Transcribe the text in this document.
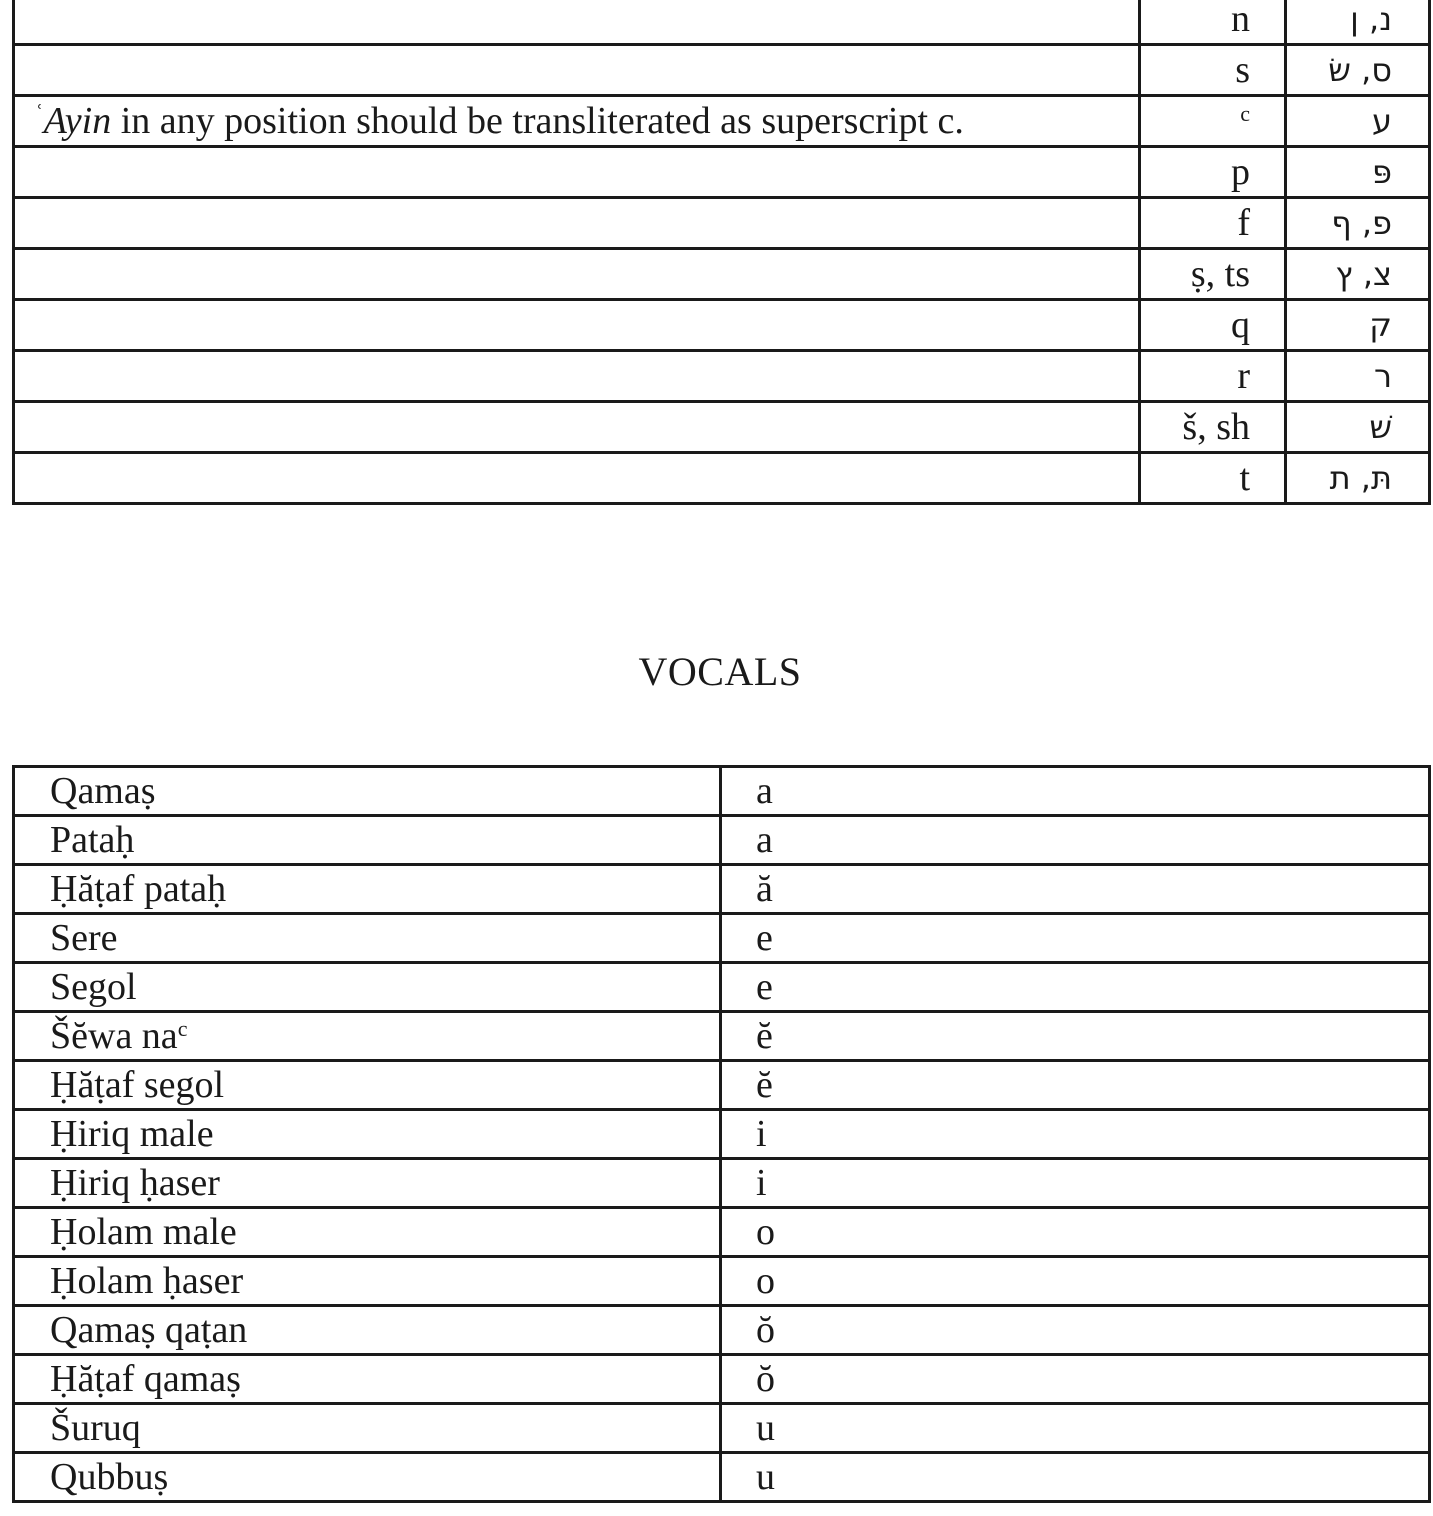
	n	נ, ן
	s	ס, שׂ
$^ʿ$Ayin in any position should be transliterated as superscript c.	$^c$	ע
	p	פּ
	f	פ, ף
	ṣ, ts	צ, ץ
	q	ק
	r	ר
	š, sh	שׁ
	t	תּ, ת
VOCALS
Qamaṣ	a
Pataḥ	a
Ḥăṭaf pataḥ	ă
Sere	e
Segol	e
Šĕwa $na^c$	ĕ
Ḥăṭaf segol	ĕ
Ḥiriq male	i
Ḥiriq ḥaser	i
Ḥolam male	o
Ḥolam ḥaser	o
Qamaṣ qaṭan	ŏ
Ḥăṭaf qamaṣ	ŏ
Šuruq	u
Qubbuṣ	u
